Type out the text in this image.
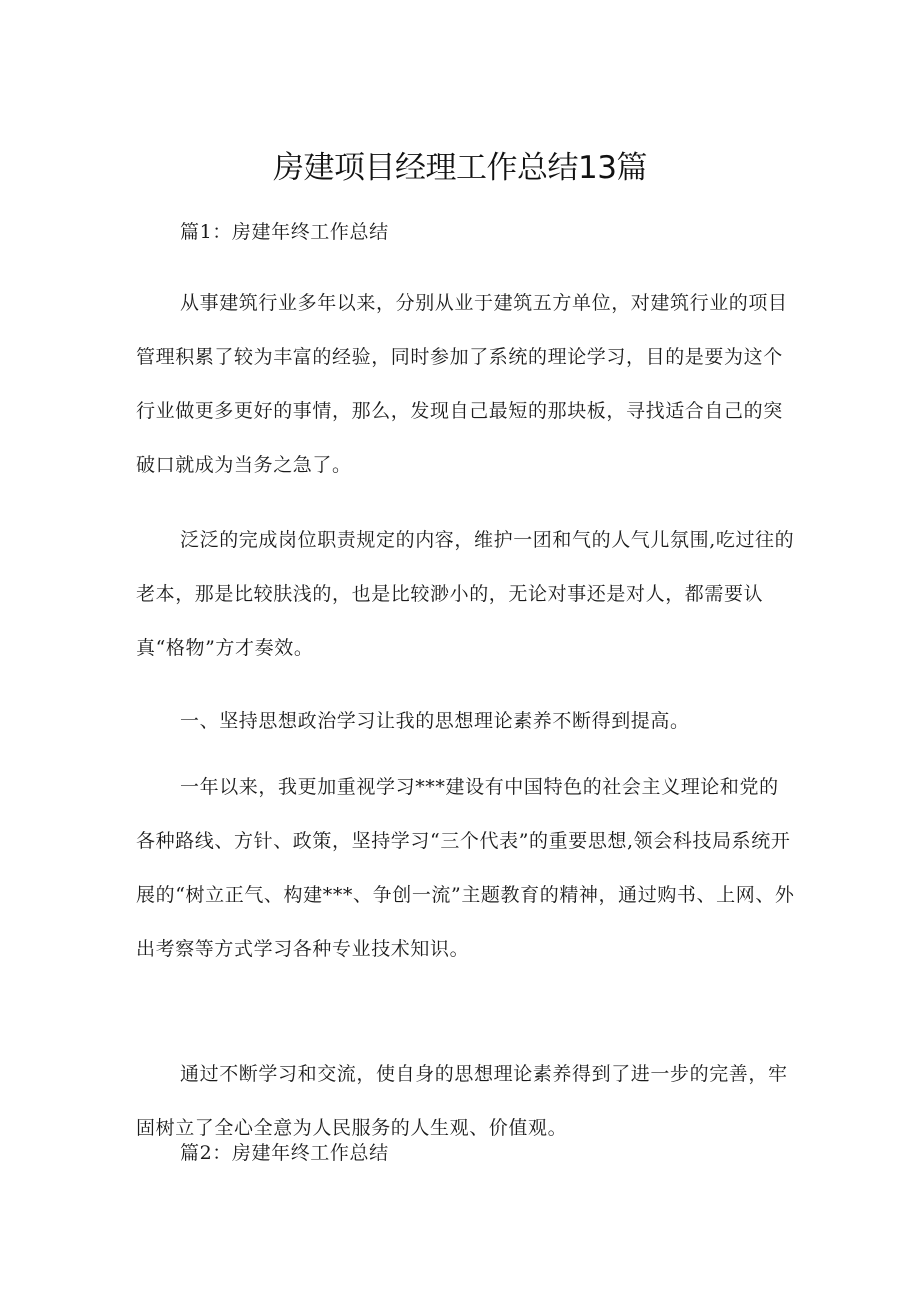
房建项目经理工作总结13篇

篇1：房建年终工作总结

从事建筑行业多年以来，分别从业于建筑五方单位，对建筑行业的项目管理积累了较为丰富的经验，同时参加了系统的理论学习，目的是要为这个行业做更多更好的事情，那么，发现自己最短的那块板，寻找适合自己的突破口就成为当务之急了。

泛泛的完成岗位职责规定的内容，维护一团和气的人气儿氛围,吃过往的老本，那是比较肤浅的，也是比较渺小的，无论对事还是对人，都需要认真“格物”方才奏效。

一、坚持思想政治学习让我的思想理论素养不断得到提高。

一年以来，我更加重视学习***建设有中国特色的社会主义理论和党的各种路线、方针、政策，坚持学习“三个代表”的重要思想,领会科技局系统开展的“树立正气、构建***、争创一流”主题教育的精神，通过购书、上网、外出考察等方式学习各种专业技术知识。

通过不断学习和交流，使自身的思想理论素养得到了进一步的完善，牢固树立了全心全意为人民服务的人生观、价值观。

篇2：房建年终工作总结
